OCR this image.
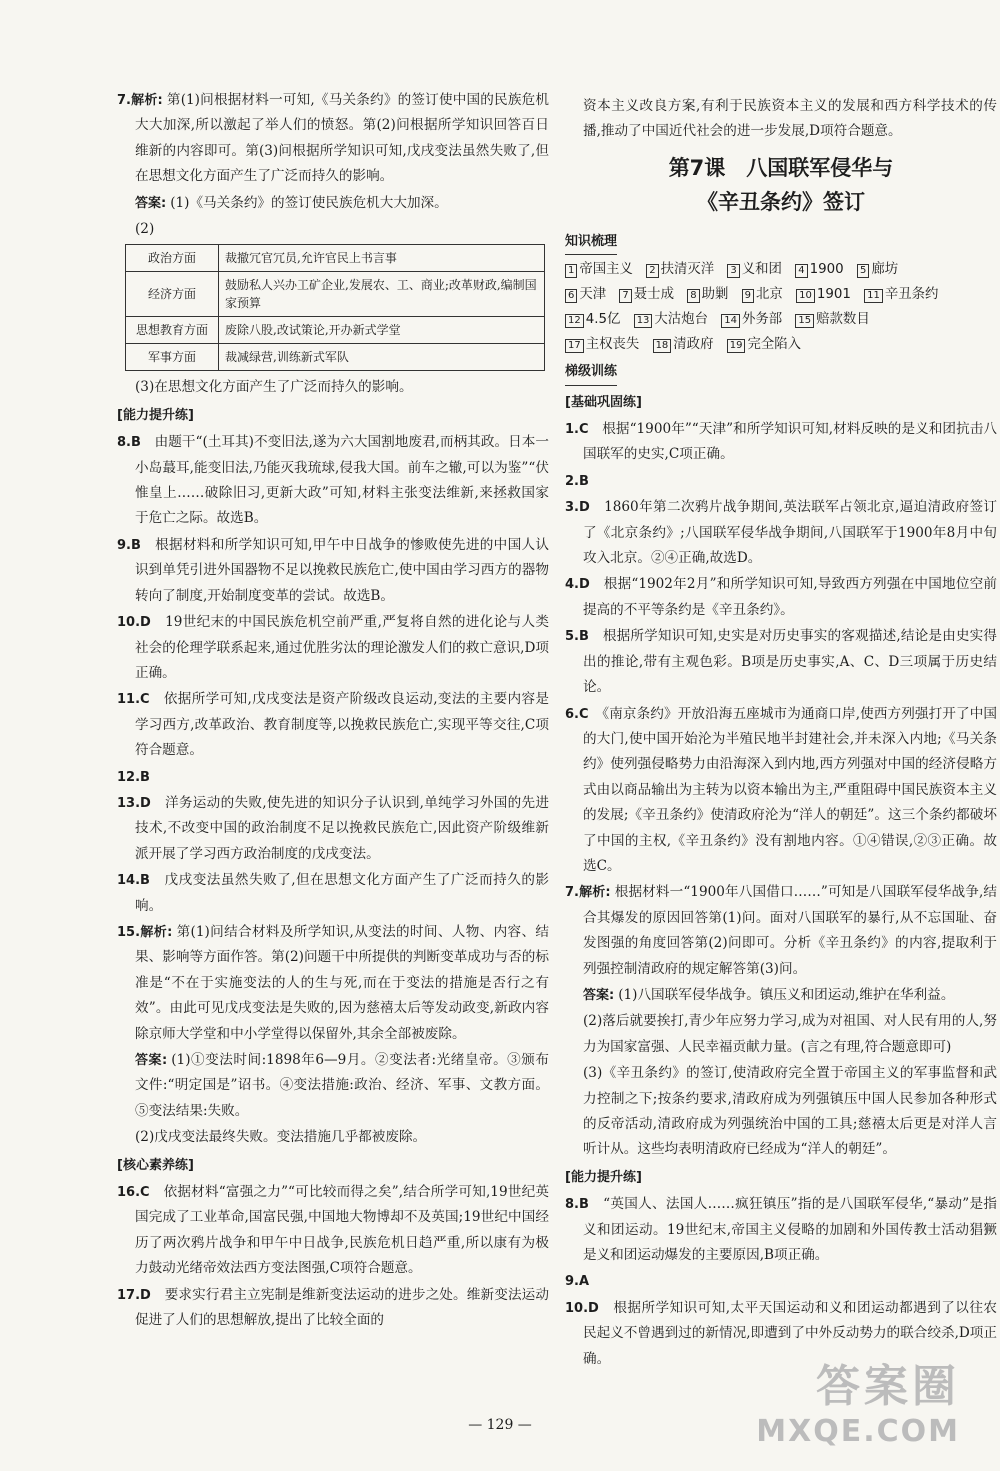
7.解析: 第(1)问根据材料一可知,《马关条约》的签订使中国的民族危机大大加深,所以激起了举人们的愤怒。第(2)问根据所学知识回答百日维新的内容即可。第(3)问根据所学知识可知,戊戌变法虽然失败了,但在思想文化方面产生了广泛而持久的影响。

答案: (1)《马关条约》的签订使民族危机大大加深。

(2)

政治方面	裁撤冗官冗员,允许官民上书言事
经济方面	鼓励私人兴办工矿企业,发展农、工、商业;改革财政,编制国家预算
思想教育方面	废除八股,改试策论,开办新式学堂
军事方面	裁减绿营,训练新式军队

(3)在思想文化方面产生了广泛而持久的影响。

[能力提升练]

8.B　 由题干“(土耳其)不变旧法,遂为六大国割地废君,而柄其政。日本一小岛蕞耳,能变旧法,乃能灭我琉球,侵我大国。前车之辙,可以为鉴”“伏惟皇上……破除旧习,更新大政”可知,材料主张变法维新,来拯救国家于危亡之际。故选B。

9.B　 根据材料和所学知识可知,甲午中日战争的惨败使先进的中国人认识到单凭引进外国器物不足以挽救民族危亡,使中国由学习西方的器物转向了制度,开始制度变革的尝试。故选B。

10.D　 19世纪末的中国民族危机空前严重,严复将自然的进化论与人类社会的伦理学联系起来,通过优胜劣汰的理论激发人们的救亡意识,D项正确。

11.C　 依据所学可知,戊戌变法是资产阶级改良运动,变法的主要内容是学习西方,改革政治、教育制度等,以挽救民族危亡,实现平等交往,C项符合题意。

12.B

13.D　 洋务运动的失败,使先进的知识分子认识到,单纯学习外国的先进技术,不改变中国的政治制度不足以挽救民族危亡,因此资产阶级维新派开展了学习西方政治制度的戊戌变法。

14.B　 戊戌变法虽然失败了,但在思想文化方面产生了广泛而持久的影响。

15.解析: 第(1)问结合材料及所学知识,从变法的时间、人物、内容、结果、影响等方面作答。第(2)问题干中所提供的判断变革成功与否的标准是“不在于实施变法的人的生与死,而在于变法的措施是否行之有效”。由此可见戊戌变法是失败的,因为慈禧太后等发动政变,新政内容除京师大学堂和中小学堂得以保留外,其余全部被废除。

答案: (1)①变法时间:1898年6—9月。②变法者:光绪皇帝。③颁布文件:“明定国是”诏书。④变法措施:政治、经济、军事、文教方面。⑤变法结果:失败。

(2)戊戌变法最终失败。变法措施几乎都被废除。

[核心素养练]

16.C　 依据材料“富强之力”“可比较而得之矣”,结合所学可知,19世纪英国完成了工业革命,国富民强,中国地大物博却不及英国;19世纪中国经历了两次鸦片战争和甲午中日战争,民族危机日趋严重,所以康有为极力鼓动光绪帝效法西方变法图强,C项符合题意。

17.D　 要求实行君主立宪制是维新变法运动的进步之处。维新变法运动促进了人们的思想解放,提出了比较全面的

资本主义改良方案,有利于民族资本主义的发展和西方科学技术的传播,推动了中国近代社会的进一步发展,D项符合题意。

第7课　八国联军侵华与
《辛丑条约》签订
知识梳理
1 帝国主义 2 扶清灭洋 3 义和团 4 1900 5 廊坊
6 天津 7 聂士成 8 助剿 9 北京 10 1901 11 辛丑条约
12 4.5亿 13 大沽炮台 14 外务部 15 赔款数目
17 主权丧失 18 清政府 19 完全陷入
梯级训练

[基础巩固练]

1.C　 根据“1900年”“天津”和所学知识可知,材料反映的是义和团抗击八国联军的史实,C项正确。

2.B

3.D　 1860年第二次鸦片战争期间,英法联军占领北京,逼迫清政府签订了《北京条约》;八国联军侵华战争期间,八国联军于1900年8月中旬攻入北京。②④正确,故选D。

4.D　 根据“1902年2月”和所学知识可知,导致西方列强在中国地位空前提高的不平等条约是《辛丑条约》。

5.B　 根据所学知识可知,史实是对历史事实的客观描述,结论是由史实得出的推论,带有主观色彩。B项是历史事实,A、C、D三项属于历史结论。

6.C　 《南京条约》开放沿海五座城市为通商口岸,使西方列强打开了中国的大门,使中国开始沦为半殖民地半封建社会,并未深入内地;《马关条约》使列强侵略势力由沿海深入到内地,西方列强对中国的经济侵略方式由以商品输出为主转为以资本输出为主,严重阻碍中国民族资本主义的发展;《辛丑条约》使清政府沦为“洋人的朝廷”。这三个条约都破坏了中国的主权,《辛丑条约》没有割地内容。①④错误,②③正确。故选C。

7.解析: 根据材料一“1900年八国借口……”可知是八国联军侵华战争,结合其爆发的原因回答第(1)问。面对八国联军的暴行,从不忘国耻、奋发图强的角度回答第(2)问即可。分析《辛丑条约》的内容,提取利于列强控制清政府的规定解答第(3)问。

答案: (1)八国联军侵华战争。镇压义和团运动,维护在华利益。

(2)落后就要挨打,青少年应努力学习,成为对祖国、对人民有用的人,努力为国家富强、人民幸福贡献力量。(言之有理,符合题意即可)

(3)《辛丑条约》的签订,使清政府完全置于帝国主义的军事监督和武力控制之下;按条约要求,清政府成为列强镇压中国人民参加各种形式的反帝活动,清政府成为列强统治中国的工具;慈禧太后更是对洋人言听计从。这些均表明清政府已经成为“洋人的朝廷”。

[能力提升练]

8.B　 “英国人、法国人……疯狂镇压”指的是八国联军侵华,“暴动”是指义和团运动。19世纪末,帝国主义侵略的加剧和外国传教士活动猖獗是义和团运动爆发的主要原因,B项正确。

9.A

10.D　 根据所学知识可知,太平天国运动和义和团运动都遇到了以往农民起义不曾遇到过的新情况,即遭到了中外反动势力的联合绞杀,D项正确。

— 129 —
答案圈
MXQE.COM
